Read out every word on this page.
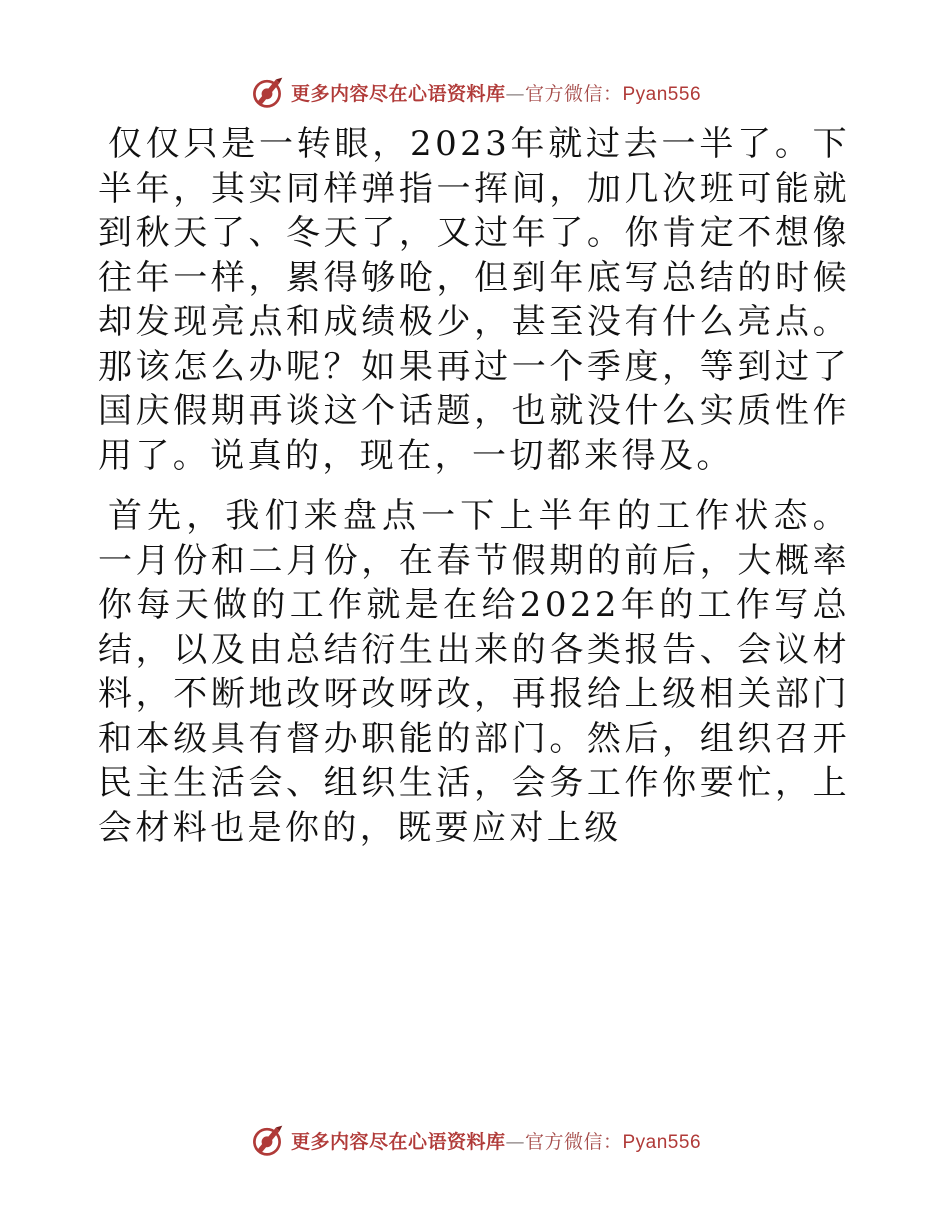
更多内容尽在心语资料库 — 官方微信： Pyan556

仅仅只是一转眼，2023年就过去一半了。下半年，其实同样弹指一挥间，加几次班可能就到秋天了、冬天了，又过年了。你肯定不想像往年一样，累得够呛，但到年底写总结的时候却发现亮点和成绩极少，甚至没有什么亮点。那该怎么办呢？如果再过一个季度，等到过了国庆假期再谈这个话题，也就没什么实质性作用了。说真的，现在，一切都来得及。

首先，我们来盘点一下上半年的工作状态。一月份和二月份，在春节假期的前后，大概率你每天做的工作就是在给2022年的工作写总结，以及由总结衍生出来的各类报告、会议材料，不断地改呀改呀改，再报给上级相关部门和本级具有督办职能的部门。然后，组织召开民主生活会、组织生活，会务工作你要忙，上会材料也是你的，既要应对上级

更多内容尽在心语资料库 — 官方微信： Pyan556
